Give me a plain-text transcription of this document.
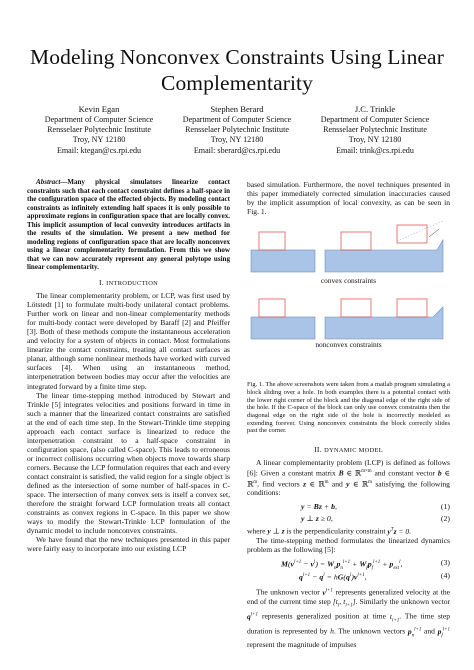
Modeling Nonconvex Constraints Using Linear Complementarity
Kevin Egan
Department of Computer Science
Rensselaer Polytechnic Institute
Troy, NY 12180
Email: ktegan@cs.rpi.edu
Stephen Berard
Department of Computer Science
Rensselaer Polytechnic Institute
Troy, NY 12180
Email: sberard@cs.rpi.edu
J.C. Trinkle
Department of Computer Science
Rensselaer Polytechnic Institute
Troy, NY 12180
Email: trink@cs.rpi.edu

Abstract—Many physical simulators linearize contact constraints such that each contact constraint defines a half-space in the configuration space of the effected objects. By modeling contact constraints as infinitely extending half spaces it is only possible to approximate regions in configuration space that are locally convex. This implicit assumption of local convexity introduces artifacts in the results of the simulation. We present a new method for modeling regions of configuration space that are locally nonconvex using a linear complementarity formulation. From this we show that we can now accurately represent any general polytope using linear complementarity.

I. INTRODUCTION

The linear complementarity problem, or LCP, was first used by Lötstedt [1] to formulate multi-body unilateral contact problems. Further work on linear and non-linear complementarity methods for multi-body contact were developed by Baraff [2] and Pfeiffer [3]. Both of these methods compute the instantaneous acceleration and velocity for a system of objects in contact. Most formulations linearize the contact constraints, treating all contact surfaces as planar, although some nonlinear methods have worked with curved surfaces [4]. When using an instantaneous method, interpenetration between bodies may occur after the velocities are integrated forward by a finite time step.

The linear time-stepping method introduced by Stewart and Trinkle [5] integrates velocities and positions forward in time in such a manner that the linearized contact constraints are satisfied at the end of each time step. In the Stewart-Trinkle time stepping approach each contact surface is linearized to reduce the interpenetration constraint to a half-space constraint in configuration space, (also called C-space). This leads to erroneous or incorrect collisions occurring when objects move towards sharp corners. Because the LCP formulation requires that each and every contact constraint is satisfied, the valid region for a single object is defined as the intersection of some number of half-spaces in C-space. The intersection of many convex sets is itself a convex set, therefore the straight forward LCP formulation treats all contact constraints as convex regions in C-space. In this paper we show ways to modify the Stewart-Trinkle LCP formulation of the dynamic model to include nonconvex constraints.

We have found that the new techniques presented in this paper were fairly easy to incorporate into our existing LCP

based simulation. Furthermore, the novel techniques presented in this paper immediately corrected simulation inaccuracies caused by the implicit assumption of local convexity, as can be seen in Fig. 1.

convex constraints
nonconvex constraints

Fig. 1. The above screenshots were taken from a matlab program simulating a block sliding over a hole. In both examples there is a potential contact with the lower right corner of the block and the diagonal edge of the right side of the hole. If the C-space of the block can only use convex constraints then the diagonal edge on the right side of the hole is incorrectly modeled as extending forever. Using nonconvex constraints the block correctly slides past the corner.

II. DYNAMIC MODEL

A linear complementarity problem (LCP) is defined as follows [6]: Given a constant matrix B ∈ ℝ$^{m\times m}$ and constant vector b ∈ ℝ$^m$, find vectors z ∈ ℝ$^m$ and y ∈ ℝ$^m$ satisfying the following conditions:

y = Bz + b,	(1)
y ⊥ z ≥ 0,	(2)

where y ⊥ z is the perpendicularity constraint $y^Tz = 0$.

The time-stepping method formulates the linearized dynamics problem as the following [5]:

$M(\nu^{l+1} - \nu^l) = W_np_n^{l+1} + W_fp_f^{l+1} + p_{ext}^l$,	(3)
$q^{l+1} - q^l = hG(q^l)\nu^{l+1}$,	(4)

The unknown vector $\nu^{l+1}$ represents generalized velocity at the end of the current time step [$t_l$, $t_{l+1}$]. Similarly the unknown vector $q^{l+1}$ represents generalized position at time $t_{l+1}$. The time step duration is represented by h. The unknown vectors $p_n^{l+1}$ and $p_f^{l+1}$ represent the magnitude of impulses
